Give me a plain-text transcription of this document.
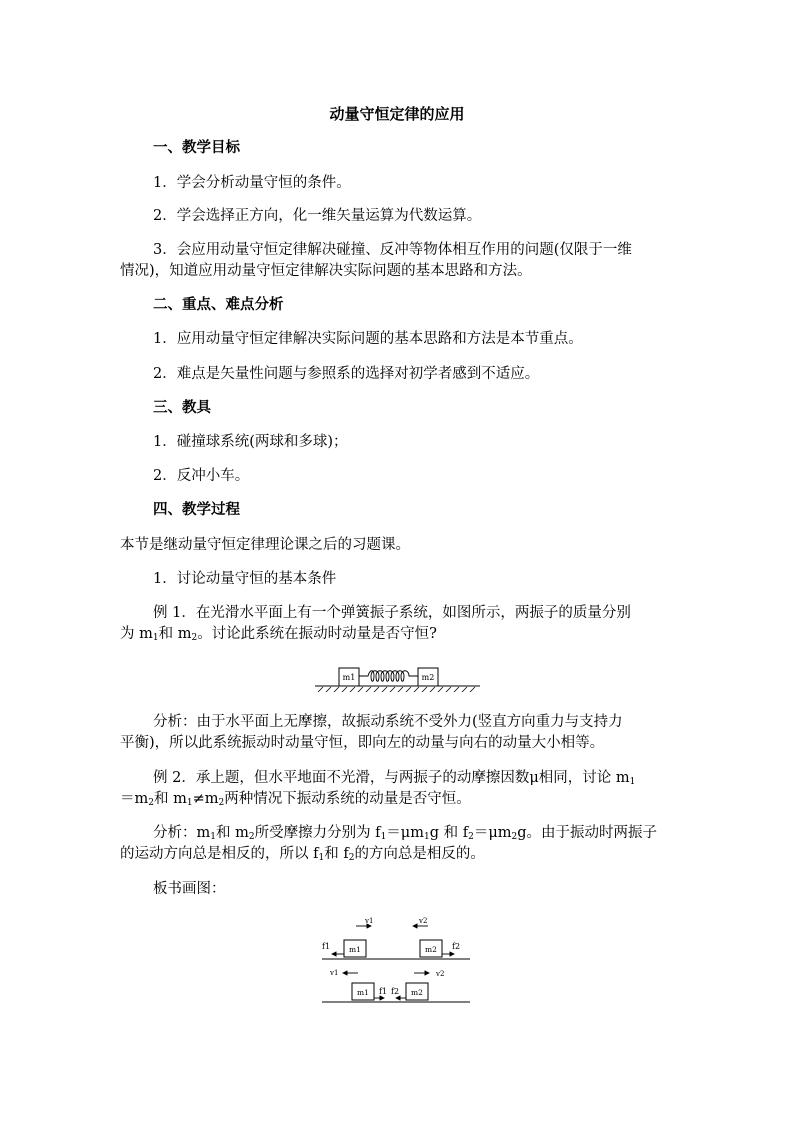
动量守恒定律的应用
一、教学目标
1．学会分析动量守恒的条件。
2．学会选择正方向，化一维矢量运算为代数运算。
3．会应用动量守恒定律解决碰撞、反冲等物体相互作用的问题(仅限于一维
情况)，知道应用动量守恒定律解决实际问题的基本思路和方法。
二、重点、难点分析
1．应用动量守恒定律解决实际问题的基本思路和方法是本节重点。
2．难点是矢量性问题与参照系的选择对初学者感到不适应。
三、教具
1．碰撞球系统(两球和多球)；
2．反冲小车。
四、教学过程
本节是继动量守恒定律理论课之后的习题课。
1．讨论动量守恒的基本条件
例 1．在光滑水平面上有一个弹簧振子系统，如图所示，两振子的质量分别
为 $m_1$和 $m_2$。讨论此系统在振动时动量是否守恒?
m1	m2
分析：由于水平面上无摩擦，故振动系统不受外力(竖直方向重力与支持力
平衡)，所以此系统振动时动量守恒，即向左的动量与向右的动量大小相等。
例 2．承上题，但水平地面不光滑，与两振子的动摩擦因数μ相同，讨论 $m_1$
$=m_2$和 $m_1\ne m_2$两种情况下振动系统的动量是否守恒。
分析：$m_1$和 $m_2$所受摩擦力分别为 $f_1=\mu m_1g$ 和 $f_2=\mu m_2g$。由于振动时两振子
的运动方向总是相反的，所以 $f_1$和 $f_2$的方向总是相反的。
板书画图：
v1	v2
f1	m1	m2 f2
v1	v2
m1 f1 f2 m2
